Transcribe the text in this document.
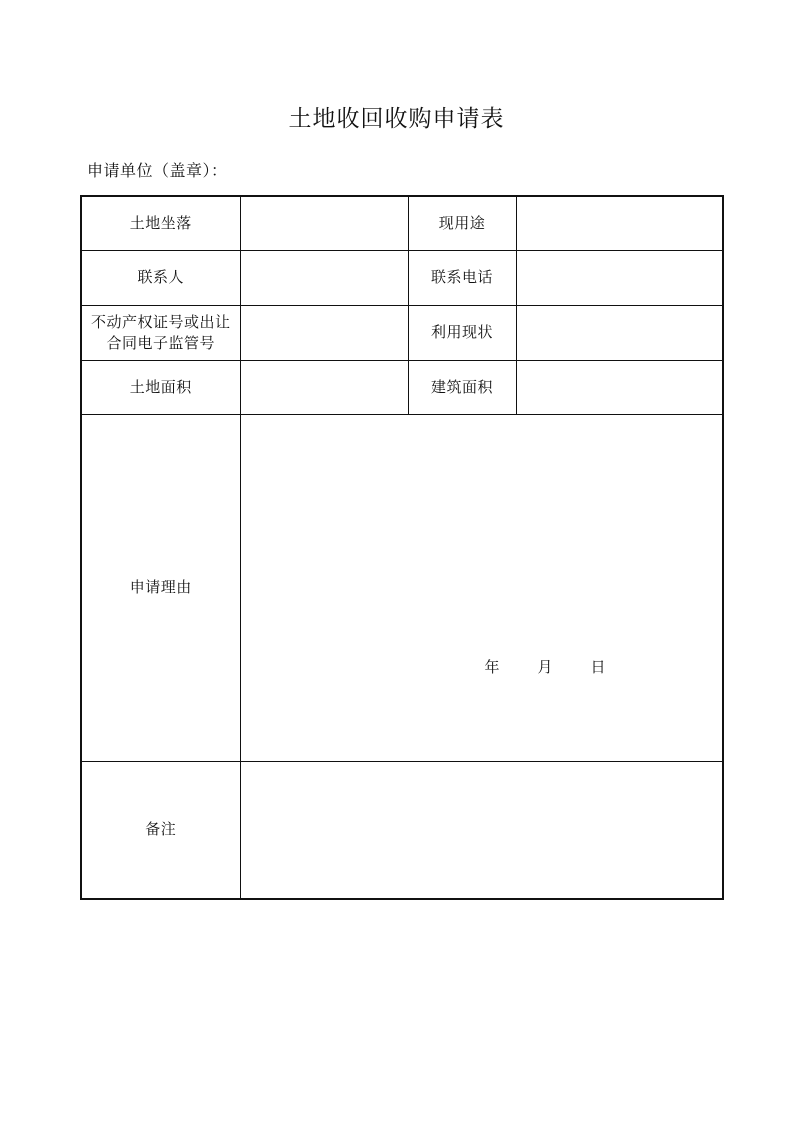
土地收回收购申请表
申请单位（盖章）：
土地坐落		现用途	
联系人		联系电话	

不动产权证号或出让
合同电子监管号		利用现状	
土地面积		建筑面积	
申请理由	年 月 日		

备注			
